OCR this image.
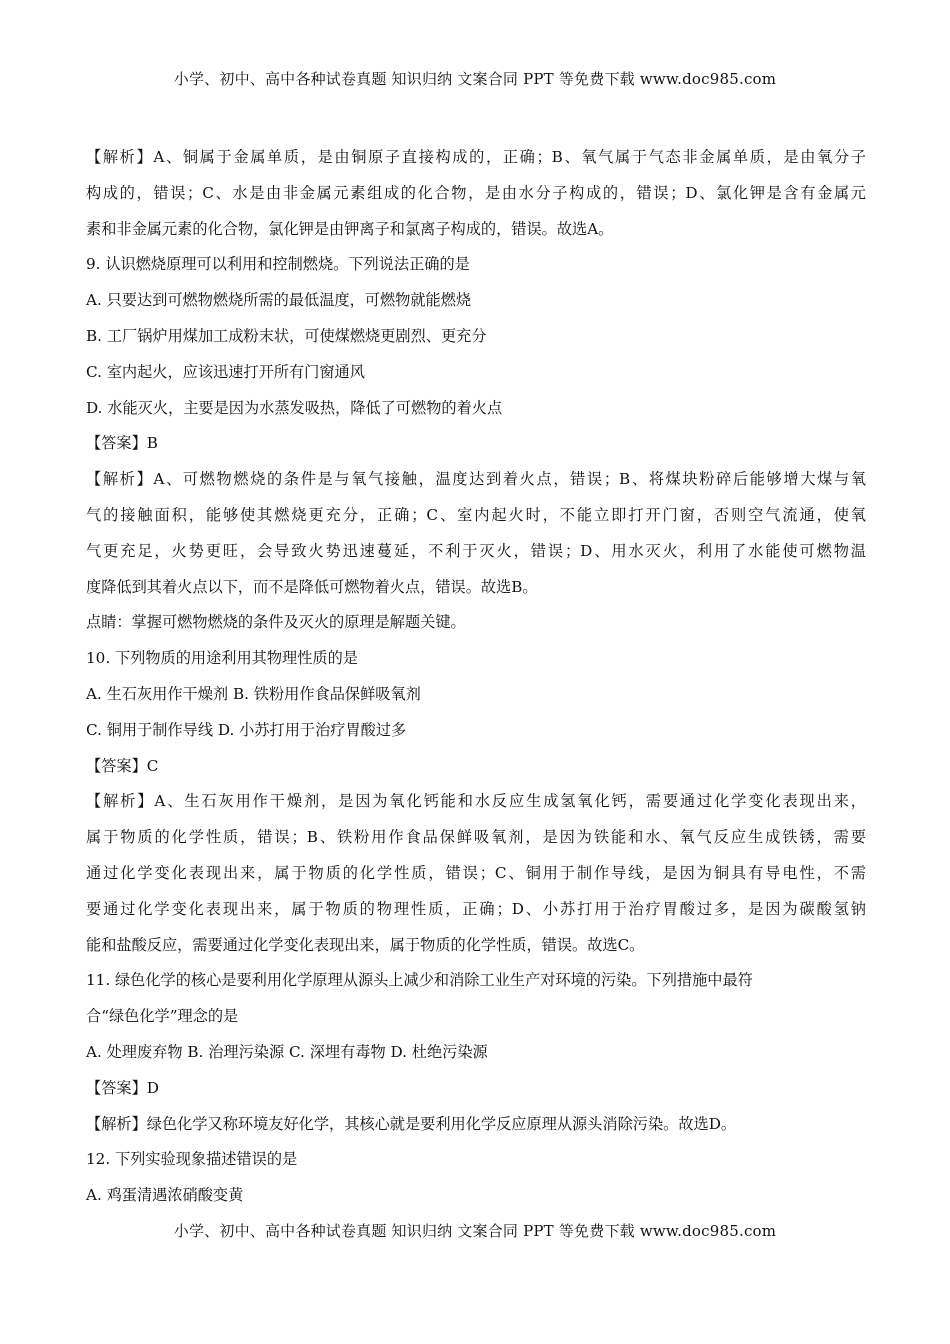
小学、初中、高中各种试卷真题 知识归纳 文案合同 PPT 等免费下载 www.doc985.com
【解析】A、铜属于金属单质，是由铜原子直接构成的，正确；B、氧气属于气态非金属单质，是由氧分子
构成的，错误；C、水是由非金属元素组成的化合物，是由水分子构成的，错误；D、氯化钾是含有金属元
素和非金属元素的化合物，氯化钾是由钾离子和氯离子构成的，错误。故选A。
9. 认识燃烧原理可以利用和控制燃烧。下列说法正确的是
A. 只要达到可燃物燃烧所需的最低温度，可燃物就能燃烧
B. 工厂锅炉用煤加工成粉末状，可使煤燃烧更剧烈、更充分
C. 室内起火，应该迅速打开所有门窗通风
D. 水能灭火，主要是因为水蒸发吸热，降低了可燃物的着火点
【答案】B
【解析】A、可燃物燃烧的条件是与氧气接触，温度达到着火点，错误；B、将煤块粉碎后能够增大煤与氧
气的接触面积，能够使其燃烧更充分，正确；C、室内起火时，不能立即打开门窗，否则空气流通，使氧
气更充足，火势更旺，会导致火势迅速蔓延，不利于灭火，错误；D、用水灭火，利用了水能使可燃物温
度降低到其着火点以下，而不是降低可燃物着火点，错误。故选B。
点睛：掌握可燃物燃烧的条件及灭火的原理是解题关键。
10. 下列物质的用途利用其物理性质的是
A. 生石灰用作干燥剂 B. 铁粉用作食品保鲜吸氧剂
C. 铜用于制作导线 D. 小苏打用于治疗胃酸过多
【答案】C
【解析】A、生石灰用作干燥剂，是因为氧化钙能和水反应生成氢氧化钙，需要通过化学变化表现出来，
属于物质的化学性质，错误；B、铁粉用作食品保鲜吸氧剂，是因为铁能和水、氧气反应生成铁锈，需要
通过化学变化表现出来，属于物质的化学性质，错误；C、铜用于制作导线，是因为铜具有导电性，不需
要通过化学变化表现出来，属于物质的物理性质，正确；D、小苏打用于治疗胃酸过多，是因为碳酸氢钠
能和盐酸反应，需要通过化学变化表现出来，属于物质的化学性质，错误。故选C。
11. 绿色化学的核心是要利用化学原理从源头上减少和消除工业生产对环境的污染。下列措施中最符
合“绿色化学”理念的是
A. 处理废弃物 B. 治理污染源 C. 深埋有毒物 D. 杜绝污染源
【答案】D
【解析】绿色化学又称环境友好化学，其核心就是要利用化学反应原理从源头消除污染。故选D。
12. 下列实验现象描述错误的是
A. 鸡蛋清遇浓硝酸变黄
小学、初中、高中各种试卷真题 知识归纳 文案合同 PPT 等免费下载 www.doc985.com
